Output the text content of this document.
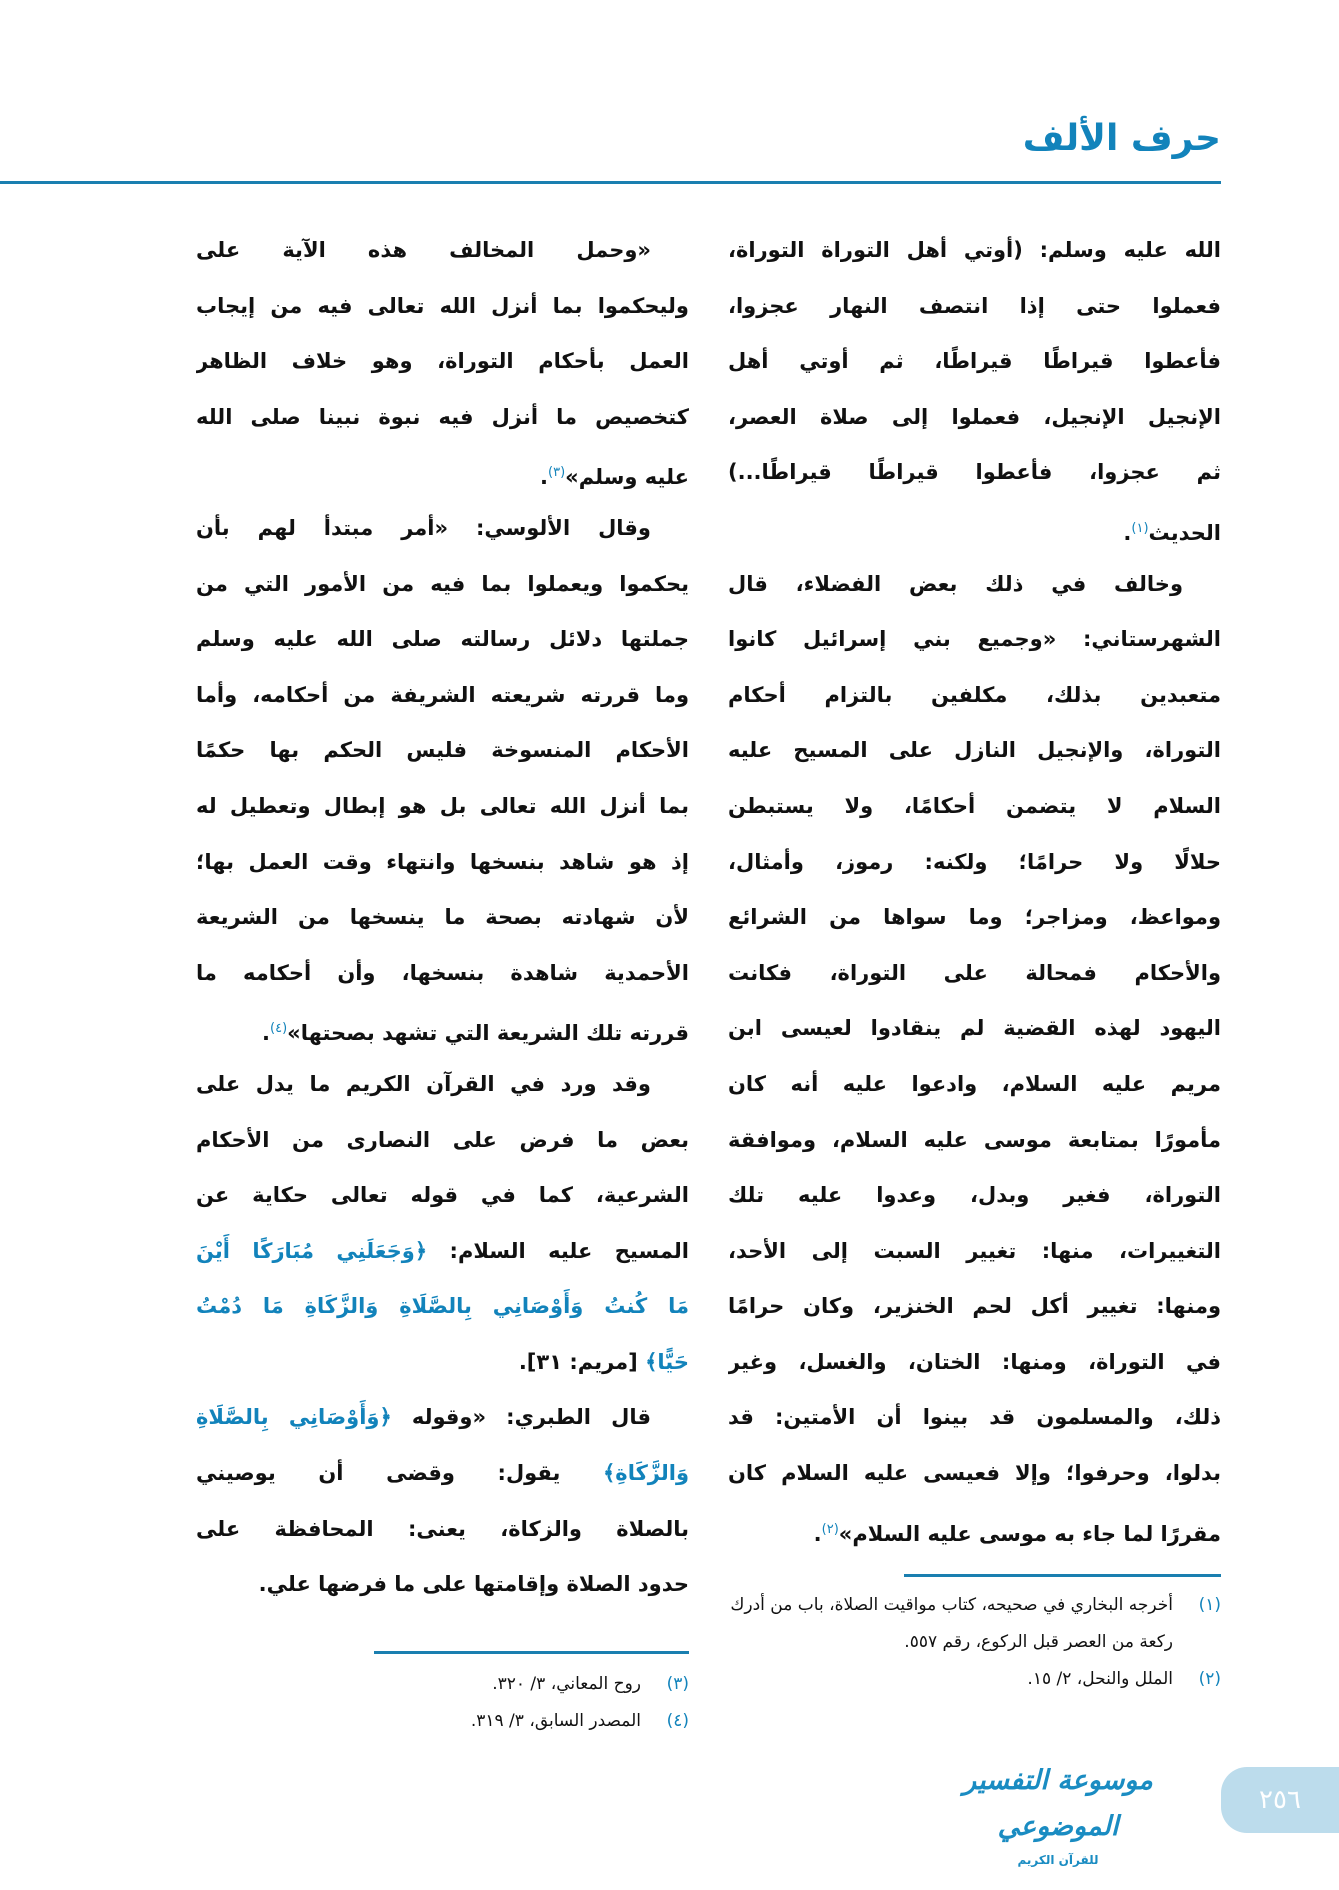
حرف الألف
الله عليه وسلم: (أوتي أهل التوراة التوراة،
فعملوا حتى إذا انتصف النهار عجزوا،
فأعطوا قيراطًا قيراطًا، ثم أوتي أهل
الإنجيل الإنجيل، فعملوا إلى صلاة العصر،
ثم عجزوا، فأعطوا قيراطًا قيراطًا...)
الحديث$^{(١)}$.
وخالف في ذلك بعض الفضلاء، قال
الشهرستاني: «وجميع بني إسرائيل كانوا
متعبدين بذلك، مكلفين بالتزام أحكام
التوراة، والإنجيل النازل على المسيح عليه
السلام لا يتضمن أحكامًا، ولا يستبطن
حلالًا ولا حرامًا؛ ولكنه: رموز، وأمثال،
ومواعظ، ومزاجر؛ وما سواها من الشرائع
والأحكام فمحالة على التوراة، فكانت
اليهود لهذه القضية لم ينقادوا لعيسى ابن
مريم عليه السلام، وادعوا عليه أنه كان
مأمورًا بمتابعة موسى عليه السلام، وموافقة
التوراة، فغير وبدل، وعدوا عليه تلك
التغييرات، منها: تغيير السبت إلى الأحد،
ومنها: تغيير أكل لحم الخنزير، وكان حرامًا
في التوراة، ومنها: الختان، والغسل، وغير
ذلك، والمسلمون قد بينوا أن الأمتين: قد
بدلوا، وحرفوا؛ وإلا فعيسى عليه السلام كان
مقررًا لما جاء به موسى عليه السلام»$^{(٢)}$.
«وحمل المخالف هذه الآية على
وليحكموا بما أنزل الله تعالى فيه من إيجاب
العمل بأحكام التوراة، وهو خلاف الظاهر
كتخصيص ما أنزل فيه نبوة نبينا صلى الله
عليه وسلم»$^{(٣)}$.
وقال الألوسي: «أمر مبتدأ لهم بأن
يحكموا ويعملوا بما فيه من الأمور التي من
جملتها دلائل رسالته صلى الله عليه وسلم
وما قررته شريعته الشريفة من أحكامه، وأما
الأحكام المنسوخة فليس الحكم بها حكمًا
بما أنزل الله تعالى بل هو إبطال وتعطيل له
إذ هو شاهد بنسخها وانتهاء وقت العمل بها؛
لأن شهادته بصحة ما ينسخها من الشريعة
الأحمدية شاهدة بنسخها، وأن أحكامه ما
قررته تلك الشريعة التي تشهد بصحتها»$^{(٤)}$.
وقد ورد في القرآن الكريم ما يدل على
بعض ما فرض على النصارى من الأحكام
الشرعية، كما في قوله تعالى حكاية عن
المسيح عليه السلام: ﴿وَجَعَلَنِي مُبَارَكًا أَيْنَ
مَا كُنتُ وَأَوْصَانِي بِالصَّلَاةِ وَالزَّكَاةِ مَا دُمْتُ
حَيًّا﴾ [مريم: ٣١].
قال الطبري: «وقوله ﴿وَأَوْصَانِي بِالصَّلَاةِ
وَالزَّكَاةِ﴾ يقول: وقضى أن يوصيني
بالصلاة والزكاة، يعنى: المحافظة على
حدود الصلاة وإقامتها على ما فرضها علي.
(١)
أخرجه البخاري في صحيحه، كتاب مواقيت الصلاة، باب من أدرك ركعة من العصر قبل الركوع، رقم ٥٥٧.
(٢)
الملل والنحل، ٢/ ١٥.
(٣)
روح المعاني، ٣/ ٣٢٠.
(٤)
المصدر السابق، ٣/ ٣١٩.
موسوعة التفسير الموضوعي
للقرآن الكريم
٢٥٦
